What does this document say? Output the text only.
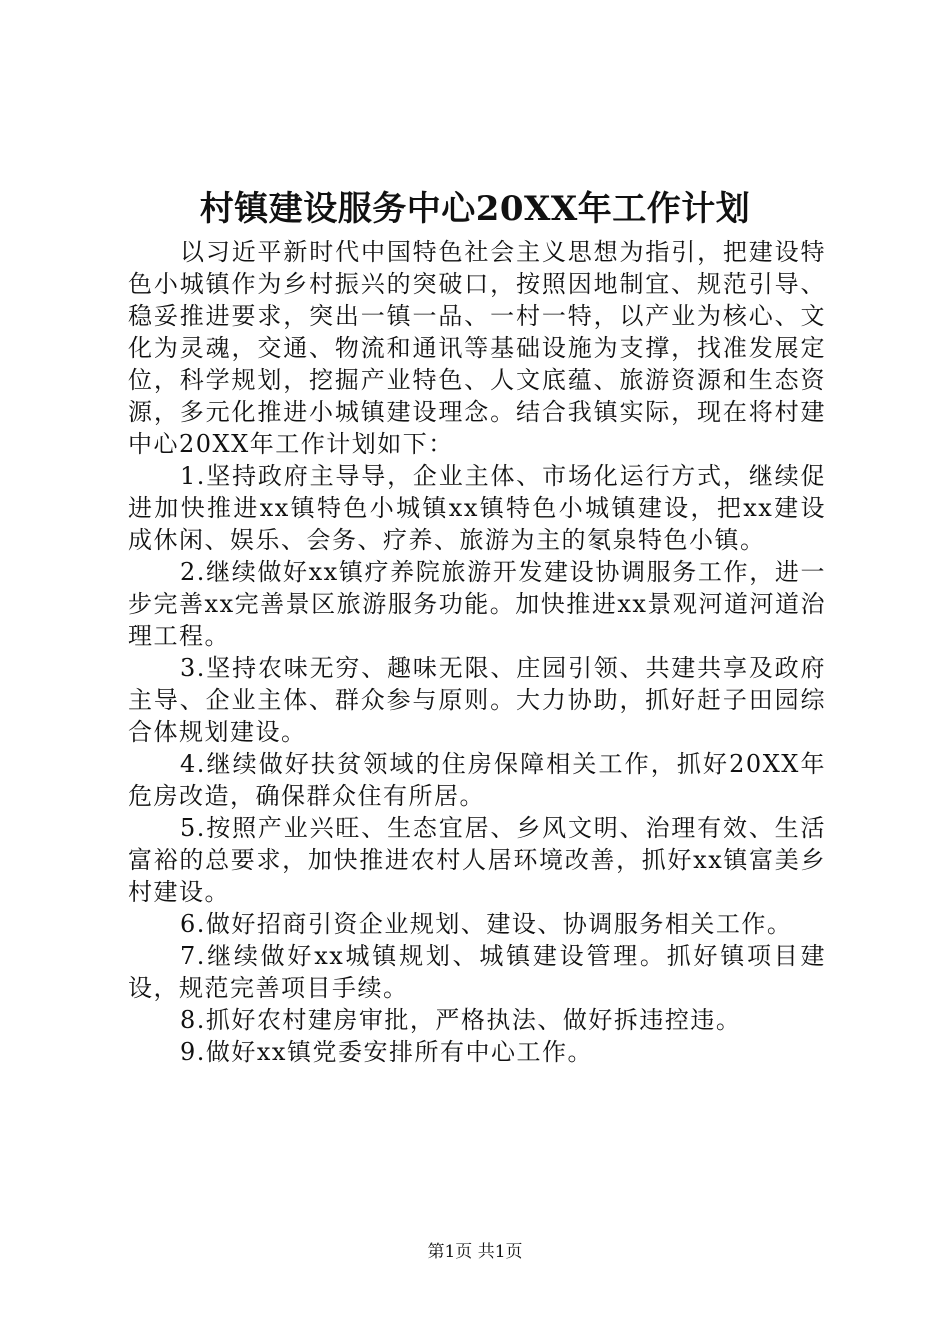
村镇建设服务中心20XX年工作计划

以习近平新时代中国特色社会主义思想为指引，把建设特色小城镇作为乡村振兴的突破口，按照因地制宜、规范引导、稳妥推进要求，突出一镇一品、一村一特，以产业为核心、文化为灵魂，交通、物流和通讯等基础设施为支撑，找准发展定位，科学规划，挖掘产业特色、人文底蕴、旅游资源和生态资源，多元化推进小城镇建设理念。结合我镇实际，现在将村建中心20XX年工作计划如下：

1.坚持政府主导导，企业主体、市场化运行方式，继续促进加快推进xx镇特色小城镇xx镇特色小城镇建设，把xx建设成休闲、娱乐、会务、疗养、旅游为主的氡泉特色小镇。

2.继续做好xx镇疗养院旅游开发建设协调服务工作，进一步完善xx完善景区旅游服务功能。加快推进xx景观河道河道治理工程。

3.坚持农味无穷、趣味无限、庄园引领、共建共享及政府主导、企业主体、群众参与原则。大力协助，抓好赶子田园综合体规划建设。

4.继续做好扶贫领域的住房保障相关工作，抓好20XX年危房改造，确保群众住有所居。

5.按照产业兴旺、生态宜居、乡风文明、治理有效、生活富裕的总要求，加快推进农村人居环境改善，抓好xx镇富美乡村建设。

6.做好招商引资企业规划、建设、协调服务相关工作。

7.继续做好xx城镇规划、城镇建设管理。抓好镇项目建设，规范完善项目手续。

8.抓好农村建房审批，严格执法、做好拆违控违。

9.做好xx镇党委安排所有中心工作。

第1页 共1页
